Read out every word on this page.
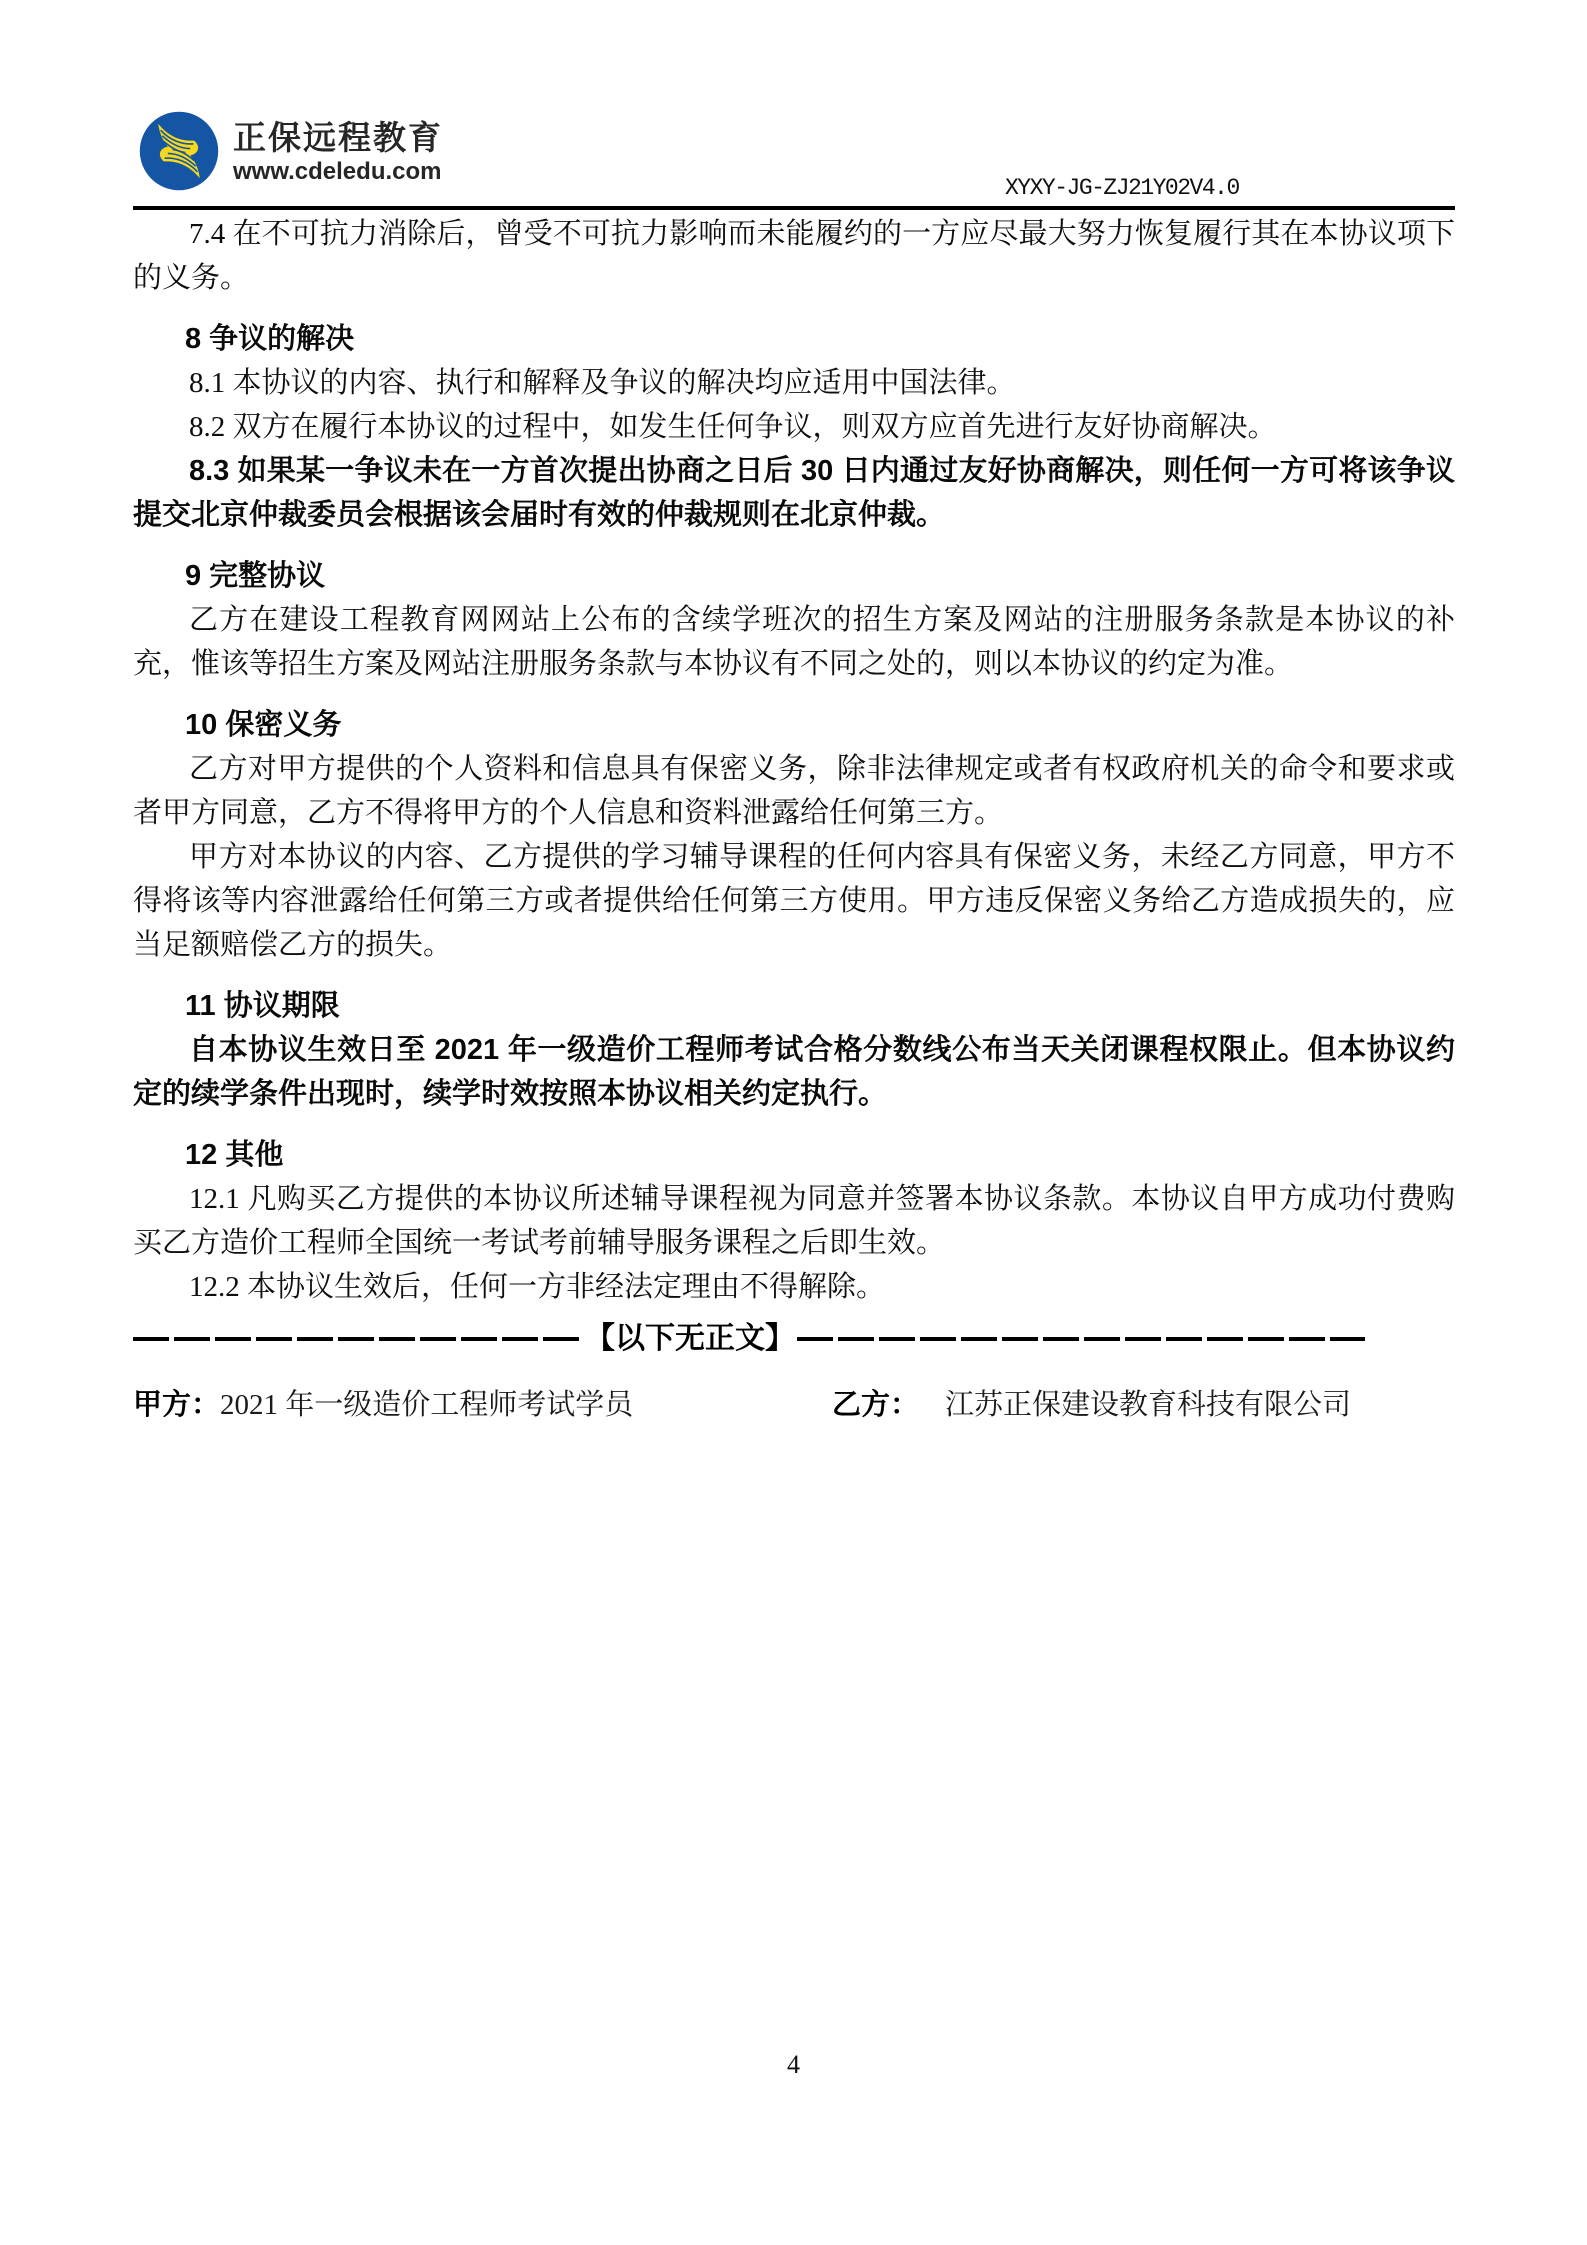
正保远程教育
www.cdeledu.com
XYXY-JG-ZJ21Y02V4.0

7.4 在不可抗力消除后，曾受不可抗力影响而未能履约的一方应尽最大努力恢复履行其在本协议项下的义务。

8 争议的解决

8.1 本协议的内容、执行和解释及争议的解决均应适用中国法律。

8.2 双方在履行本协议的过程中，如发生任何争议，则双方应首先进行友好协商解决。

8.3 如果某一争议未在一方首次提出协商之日后 30 日内通过友好协商解决，则任何一方可将该争议提交北京仲裁委员会根据该会届时有效的仲裁规则在北京仲裁。

9 完整协议

乙方在建设工程教育网网站上公布的含续学班次的招生方案及网站的注册服务条款是本协议的补充，惟该等招生方案及网站注册服务条款与本协议有不同之处的，则以本协议的约定为准。

10 保密义务

乙方对甲方提供的个人资料和信息具有保密义务，除非法律规定或者有权政府机关的命令和要求或者甲方同意，乙方不得将甲方的个人信息和资料泄露给任何第三方。

甲方对本协议的内容、乙方提供的学习辅导课程的任何内容具有保密义务，未经乙方同意，甲方不得将该等内容泄露给任何第三方或者提供给任何第三方使用。甲方违反保密义务给乙方造成损失的，应当足额赔偿乙方的损失。

11 协议期限

自本协议生效日至 2021 年一级造价工程师考试合格分数线公布当天关闭课程权限止。但本协议约定的续学条件出现时，续学时效按照本协议相关约定执行。

12 其他

12.1 凡购买乙方提供的本协议所述辅导课程视为同意并签署本协议条款。本协议自甲方成功付费购买乙方造价工程师全国统一考试考前辅导服务课程之后即生效。

12.2 本协议生效后，任何一方非经法定理由不得解除。

【以下无正文】
甲方：2021 年一级造价工程师考试学员	乙方： 江苏正保建设教育科技有限公司
4
